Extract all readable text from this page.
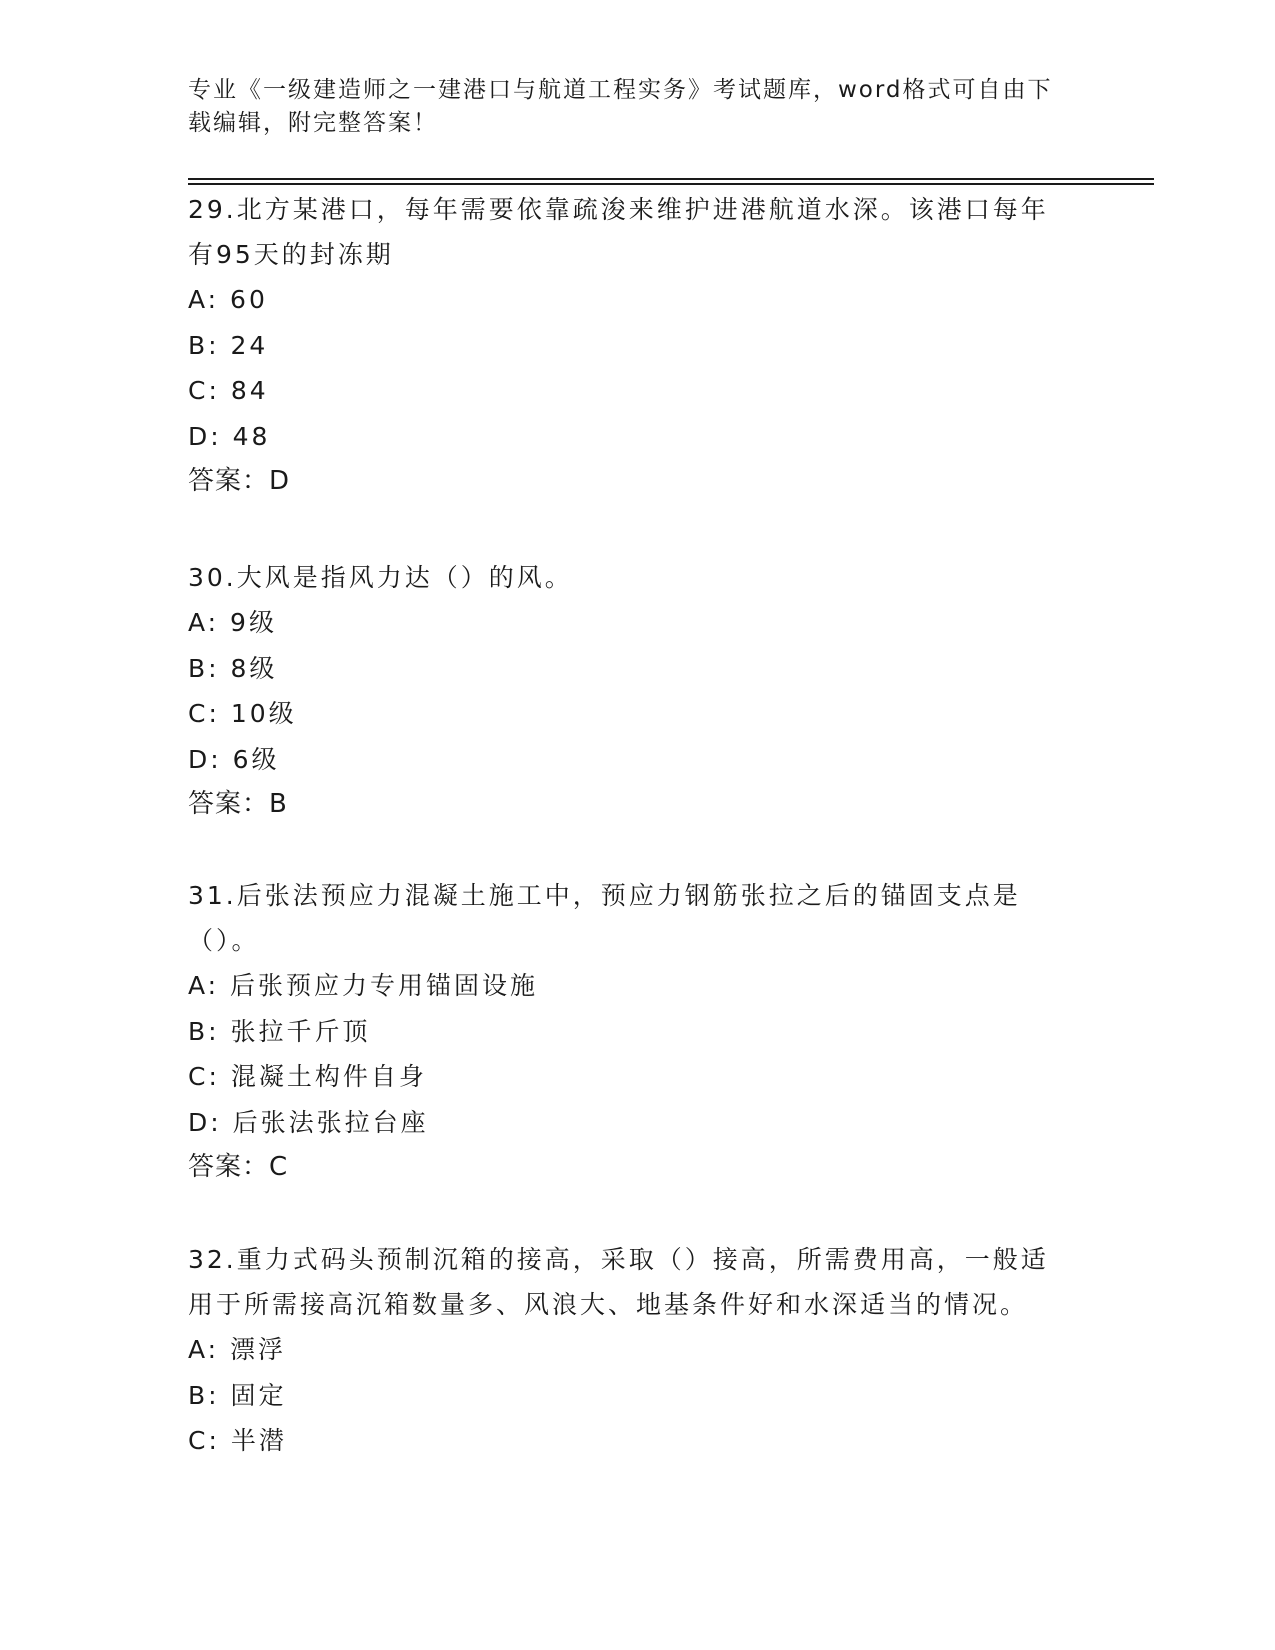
专业《一级建造师之一建港口与航道工程实务》考试题库，word格式可自由下载编辑，附完整答案！

29.北方某港口，每年需要依靠疏浚来维护进港航道水深。该港口每年有95天的封冻期

A: 60

B: 24

C: 84

D: 48

答案：D

30.大风是指风力达（）的风。

A: 9级

B: 8级

C: 10级

D: 6级

答案：B

31.后张法预应力混凝土施工中，预应力钢筋张拉之后的锚固支点是（）。

A: 后张预应力专用锚固设施

B: 张拉千斤顶

C: 混凝土构件自身

D: 后张法张拉台座

答案：C

32.重力式码头预制沉箱的接高，采取（）接高，所需费用高，一般适用于所需接高沉箱数量多、风浪大、地基条件好和水深适当的情况。

A: 漂浮

B: 固定

C: 半潜
